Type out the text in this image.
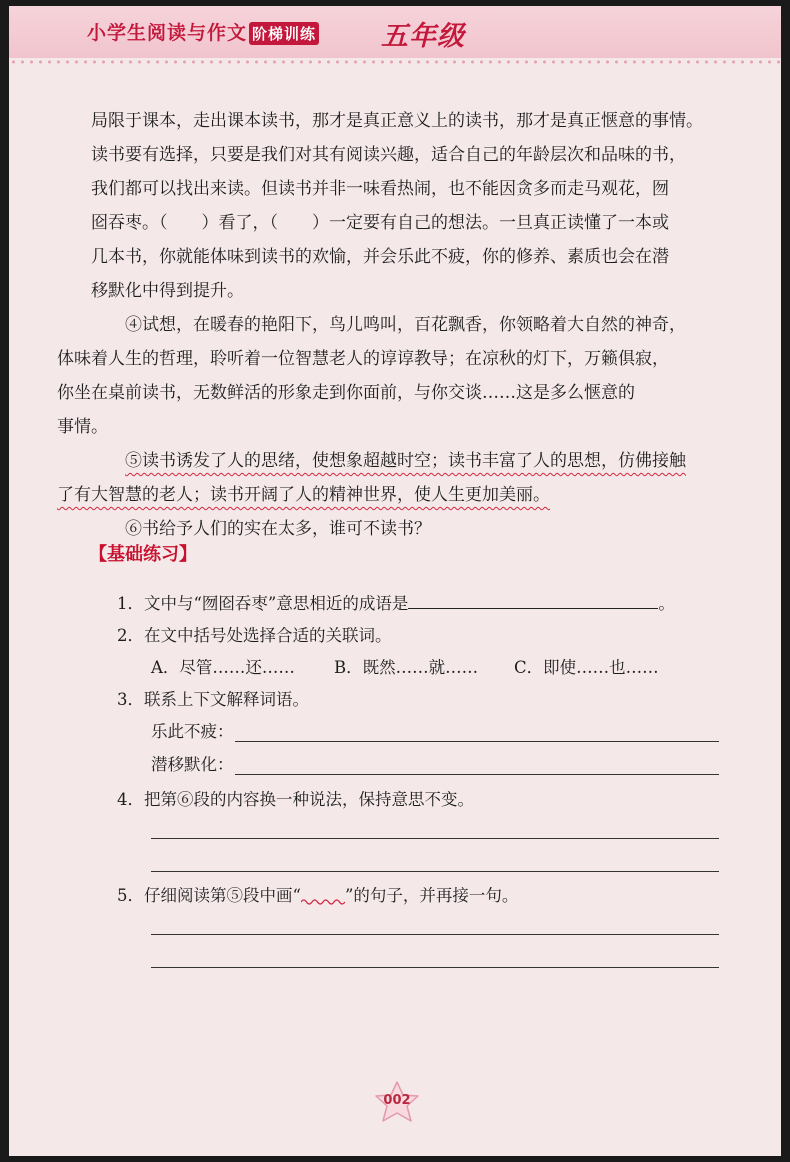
小学生阅读与作文 阶梯训练 五年级

局限于课本，走出课本读书，那才是真正意义上的读书，那才是真正惬意的事情。
读书要有选择，只要是我们对其有阅读兴趣，适合自己的年龄层次和品味的书，
我们都可以找出来读。但读书并非一味看热闹，也不能因贪多而走马观花，囫
囵吞枣。（　　）看了，（　　）一定要有自己的想法。一旦真正读懂了一本或
几本书，你就能体味到读书的欢愉，并会乐此不疲，你的修养、素质也会在潜
移默化中得到提升。

④试想，在暖春的艳阳下，鸟儿鸣叫，百花飘香，你领略着大自然的神奇，
体味着人生的哲理，聆听着一位智慧老人的谆谆教导；在凉秋的灯下，万籁俱寂，
你坐在桌前读书，无数鲜活的形象走到你面前，与你交谈……这是多么惬意的
事情。

⑤读书诱发了人的思绪，使想象超越时空；读书丰富了人的思想，仿佛接触
了有大智慧的老人；读书开阔了人的精神世界，使人生更加美丽。

⑥书给予人们的实在太多，谁可不读书？

【基础练习】
1．文中与“囫囵吞枣”意思相近的成语是	。
2．在文中括号处选择合适的关联词。
A．尽管……还…… B．既然……就…… C．即使……也……
3．联系上下文解释词语。
乐此不疲：
潜移默化：
4．把第⑥段的内容换一种说法，保持意思不变。
5．仔细阅读第⑤段中画“	”的句子，并再接一句。
002
